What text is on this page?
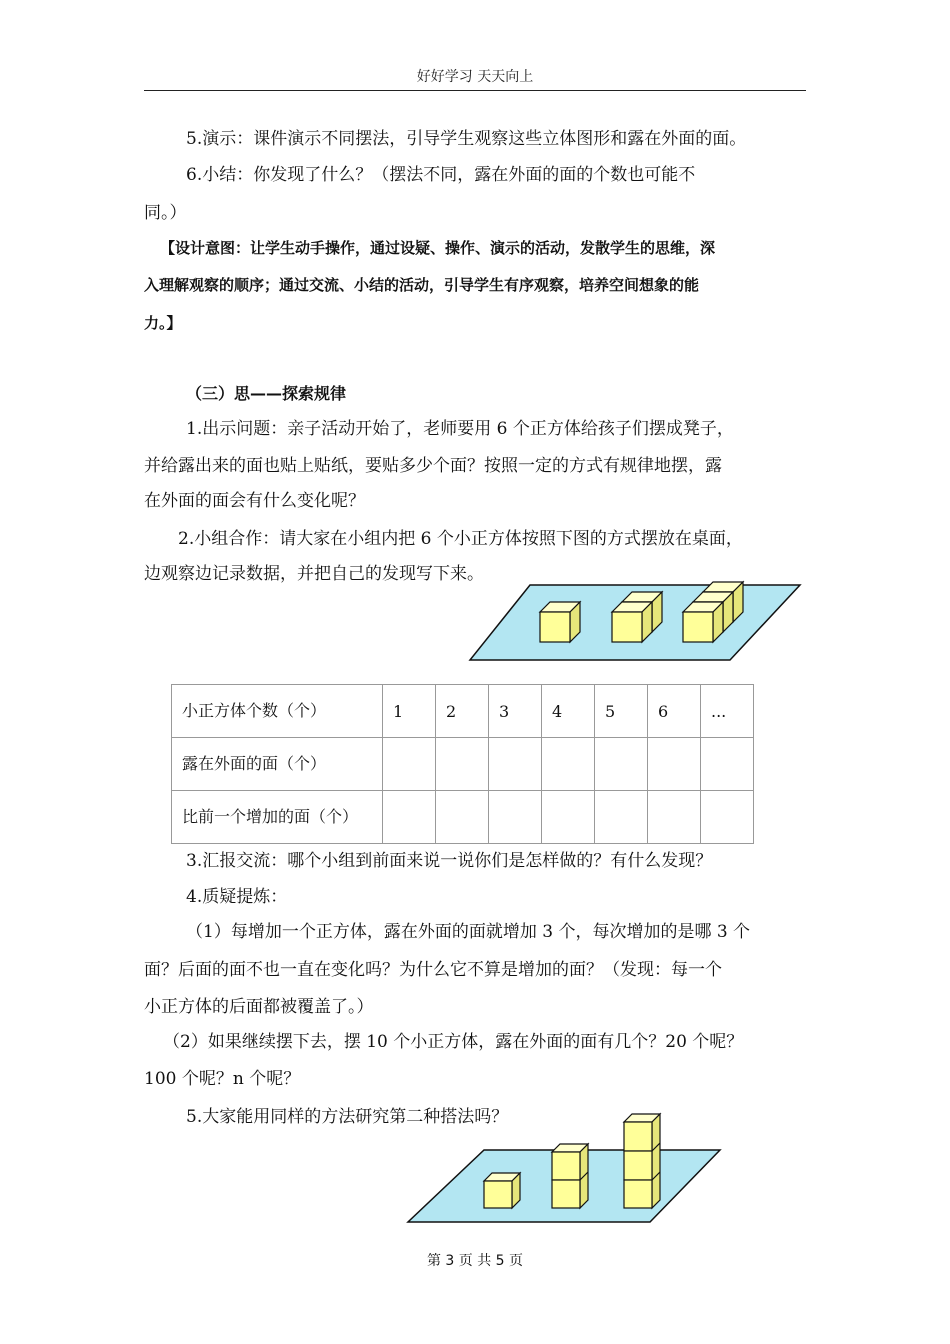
好好学习 天天向上
5.演示：课件演示不同摆法，引导学生观察这些立体图形和露在外面的面。
6.小结：你发现了什么？（摆法不同，露在外面的面的个数也可能不
同。）
【设计意图：让学生动手操作，通过设疑、操作、演示的活动，发散学生的思维，深
入理解观察的顺序；通过交流、小结的活动，引导学生有序观察，培养空间想象的能
力。】
（三）思——探索规律
1.出示问题：亲子活动开始了，老师要用 6 个正方体给孩子们摆成凳子，
并给露出来的面也贴上贴纸，要贴多少个面？按照一定的方式有规律地摆，露
在外面的面会有什么变化呢？
2.小组合作：请大家在小组内把 6 个小正方体按照下图的方式摆放在桌面，
边观察边记录数据，并把自己的发现写下来。
小正方体个数（个）	1	2	3	4	5	6	...
露在外面的面（个）							
比前一个增加的面（个）							
3.汇报交流：哪个小组到前面来说一说你们是怎样做的？有什么发现？
4.质疑提炼：
（1）每增加一个正方体，露在外面的面就增加 3 个，每次增加的是哪 3 个
面？后面的面不也一直在变化吗？为什么它不算是增加的面？（发现：每一个
小正方体的后面都被覆盖了。）
（2）如果继续摆下去，摆 10 个小正方体，露在外面的面有几个？20 个呢？
100 个呢？n 个呢？
5.大家能用同样的方法研究第二种搭法吗？
第 3 页 共 5 页
